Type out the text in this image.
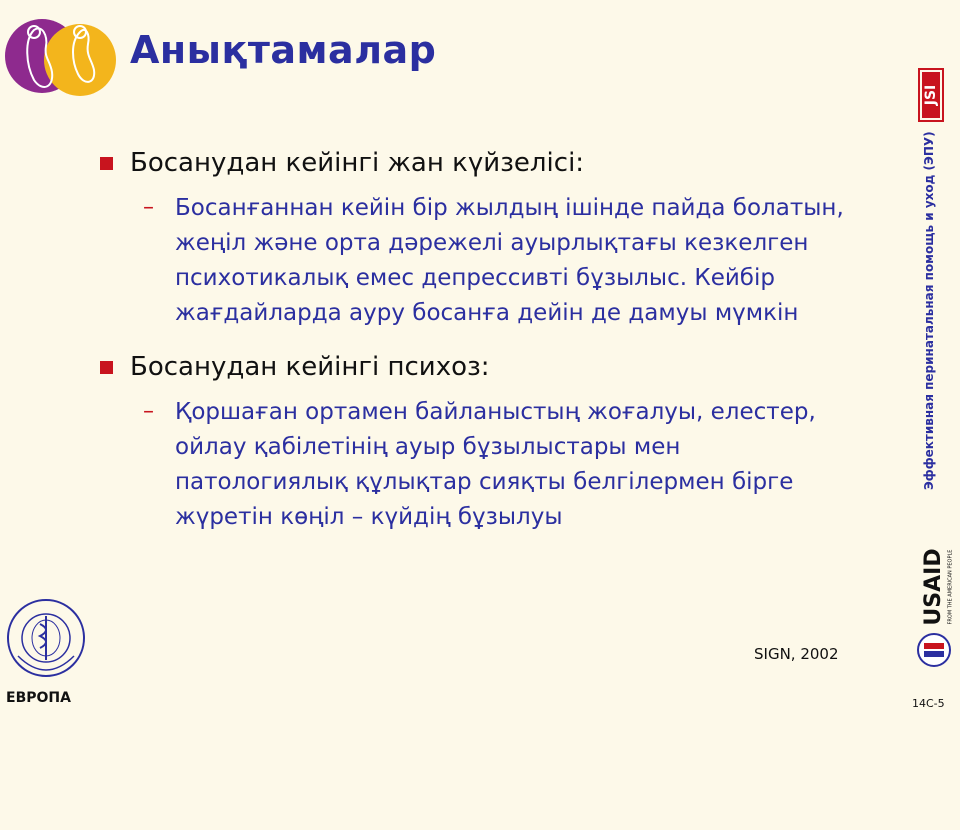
Анықтамалар
Босанудан кейінгі жан күйзелісі:
– Босанғаннан кейін бір жылдың ішінде пайда болатын, жеңіл және орта дәрежелі ауырлықтағы кезкелген психотикалық емес депрессивті бұзылыс. Кейбір жағдайларда ауру босанға дейін де дамуы мүмкін
Босанудан кейінгі психоз:
– Қоршаған ортамен байланыстың жоғалуы, елестер, ойлау қабілетінің ауыр бұзылыстары мен патологиялық құлықтар сияқты белгілермен бірге жүретін көңіл – күйдің бұзылуы
SIGN, 2002
14C-5
JSI
Эффективная перинатальная помощь и уход (ЭПУ)
USAID FROM THE AMERICAN PEOPLE
ЕВРОПА
